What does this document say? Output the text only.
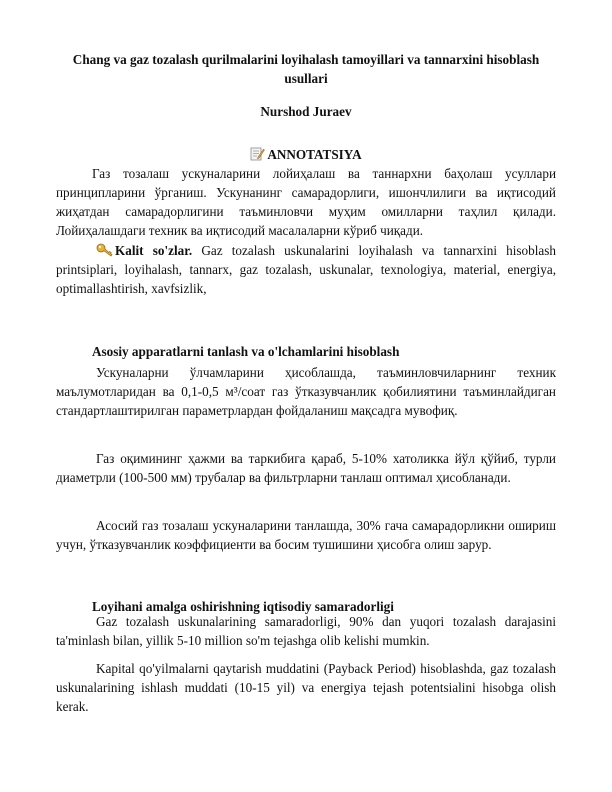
Chang va gaz tozalash qurilmalarini loyihalash tamoyillari va tannarxini hisoblash usullari
Nurshod Juraev
ANNOTATSIYA
Газ тозалаш ускуналарини лойиҳалаш ва таннархни баҳолаш усуллари принципларини ўрганиш. Ускунанинг самарадорлиги, ишончлилиги ва иқтисодий жиҳатдан самарадорлигини таъминловчи муҳим омилларни таҳлил қилади. Лойиҳалашдаги техник ва иқтисодий масалаларни кўриб чиқади.
Kalit so'zlar. Gaz tozalash uskunalarini loyihalash va tannarxini hisoblash printsiplari, loyihalash, tannarx, gaz tozalash, uskunalar, texnologiya, material, energiya, optimallashtirish, xavfsizlik,
Asosiy apparatlarni tanlash va o'lchamlarini hisoblash
Ускуналарни ўлчамларини ҳисоблашда, таъминловчиларнинг техник маълумотларидан ва 0,1-0,5 м³/соат газ ўтказувчанлик қобилиятини таъминлайдиган стандартлаштирилган параметрлардан фойдаланиш мақсадга мувофиқ.
Газ оқимининг ҳажми ва таркибига қараб, 5-10% хатоликка йўл қўйиб, турли диаметрли (100-500 мм) трубалар ва фильтрларни танлаш оптимал ҳисобланади.
Асосий газ тозалаш ускуналарини танлашда, 30% гача самарадорликни ошириш учун, ўтказувчанлик коэффициенти ва босим тушишини ҳисобга олиш зарур.
Loyihani amalga oshirishning iqtisodiy samaradorligi
Gaz tozalash uskunalarining samaradorligi, 90% dan yuqori tozalash darajasini ta'minlash bilan, yillik 5-10 million so'm tejashga olib kelishi mumkin.
Kapital qo'yilmalarni qaytarish muddatini (Payback Period) hisoblashda, gaz tozalash uskunalarining ishlash muddati (10-15 yil) va energiya tejash potentsialini hisobga olish kerak.
